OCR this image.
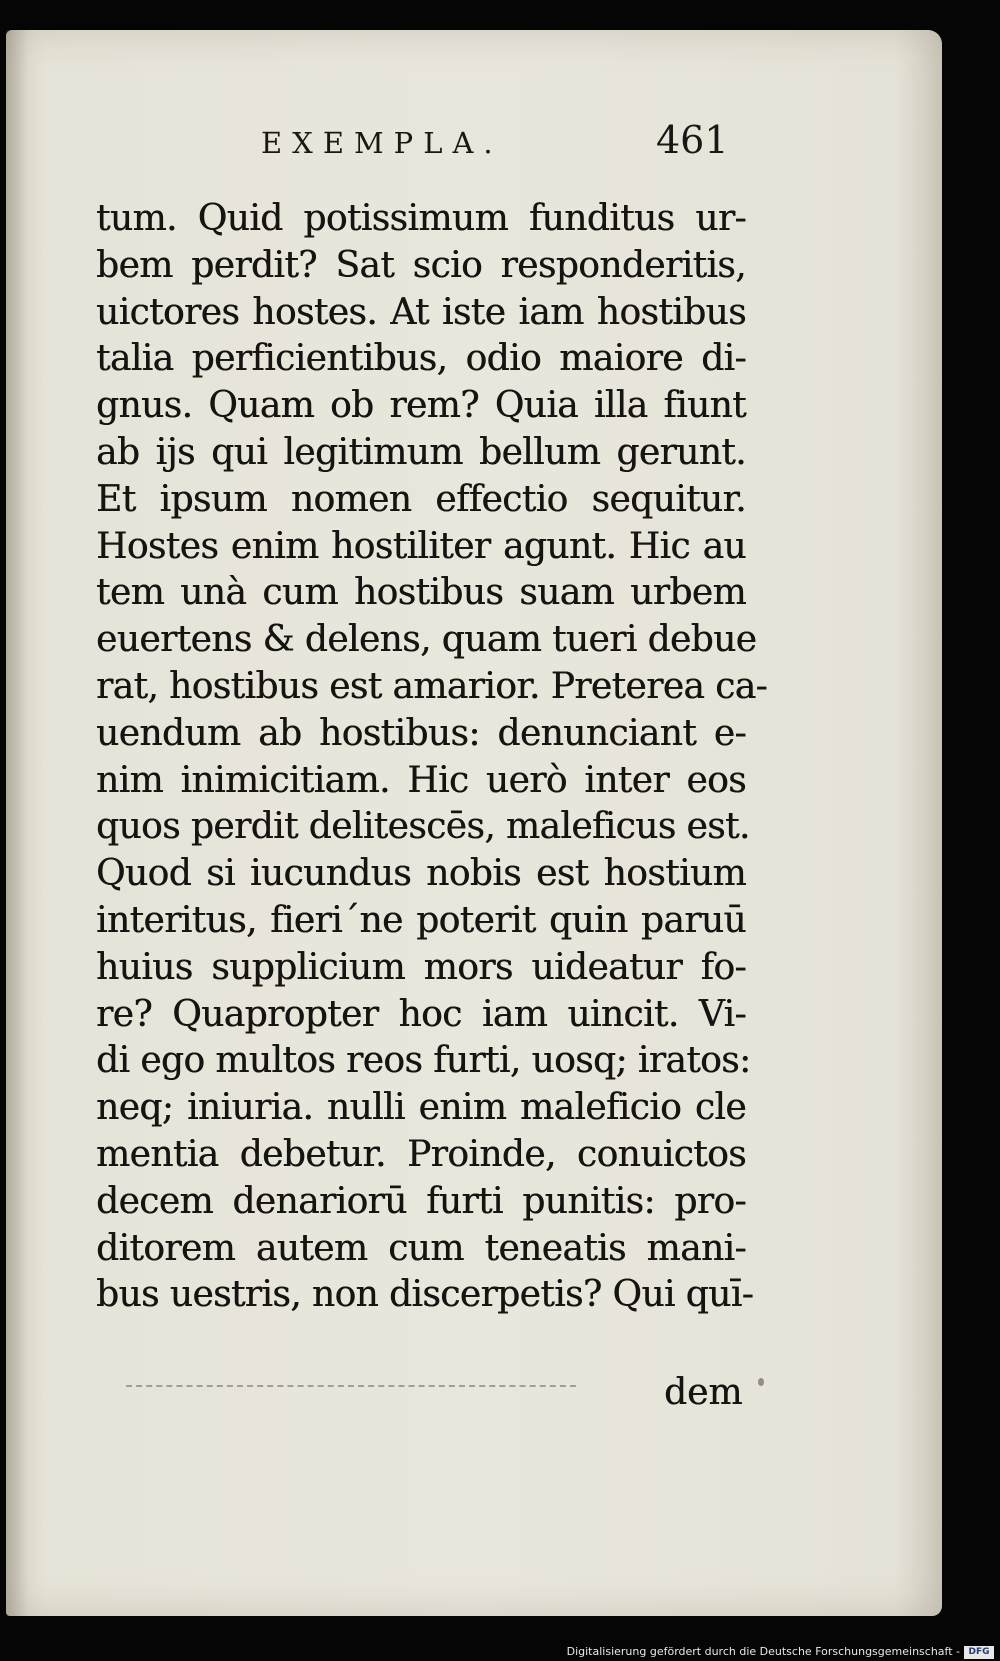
EXEMPLA.	461
tum. Quid potissimum funditus ur-
bem perdit? Sat scio responderitis,
uictores hostes. At iste iam hostibus
talia perficientibus, odio maiore di-
gnus. Quam ob rem? Quia illa fiunt
ab ijs qui legitimum bellum gerunt.
Et ipsum nomen effectio sequitur.
Hostes enim hostiliter agunt. Hic au
tem unà cum hostibus suam urbem
euertens & delens, quam tueri debue
rat, hostibus est amarior. Preterea ca-
uendum ab hostibus: denunciant e-
nim inimicitiam. Hic uerò inter eos
quos perdit delitescēs, maleficus est.
Quod si iucundus nobis est hostium
interitus, fieri´ne poterit quin paruū
huius supplicium mors uideatur fo-
re? Quapropter hoc iam uincit. Vi-
di ego multos reos furti, uosq; iratos:
neq; iniuria. nulli enim maleficio cle
mentia debetur. Proinde, conuictos
decem denariorū furti punitis: pro-
ditorem autem cum teneatis mani-
bus uestris, non discerpetis? Qui quī-
dem
Digitalisierung gefördert durch die Deutsche Forschungsgemeinschaft - DFG
